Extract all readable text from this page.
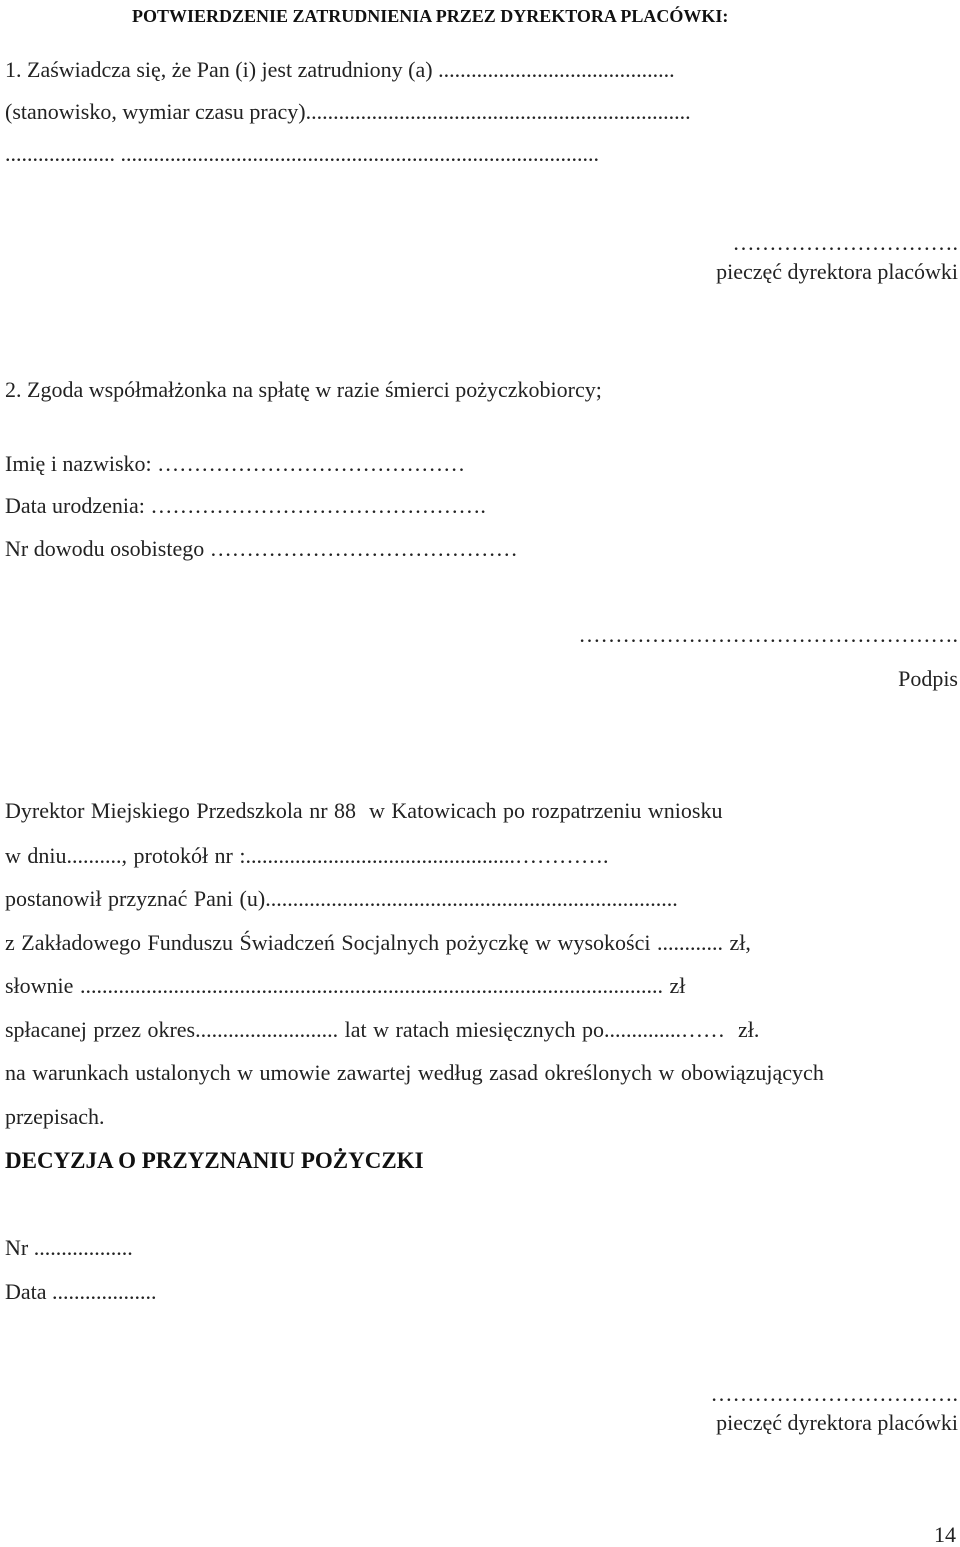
POTWIERDZENIE ZATRUDNIENIA PRZEZ DYREKTORA PLACÓWKI:
1. Zaświadcza się, że Pan (i) jest zatrudniony (a) ...........................................
(stanowisko, wymiar czasu pracy)......................................................................
.................... .......................................................................................
………………………….
pieczęć dyrektora placówki
2. Zgoda współmałżonka na spłatę w razie śmierci pożyczkobiorcy;
Imię i nazwisko: ……………………………………
Data urodzenia: ……………………………………….
Nr dowodu osobistego ……………………………………
…………………………………………….
Podpis
Dyrektor Miejskiego Przedszkola nr 88  w Katowicach po rozpatrzeniu wniosku
w dniu.........., protokół nr :.................................................………….
postanowił przyznać Pani (u)...........................................................................
z Zakładowego Funduszu Świadczeń Socjalnych pożyczkę w wysokości ............ zł,
słownie .......................................................................................................... zł
spłacanej przez okres.......................... lat w ratach miesięcznych po..............……  zł.
na warunkach ustalonych w umowie zawartej według zasad określonych w obowiązujących
przepisach.
DECYZJA O PRZYZNANIU POŻYCZKI
Nr ..................
Data ...................
…………………………….
pieczęć dyrektora placówki
14
